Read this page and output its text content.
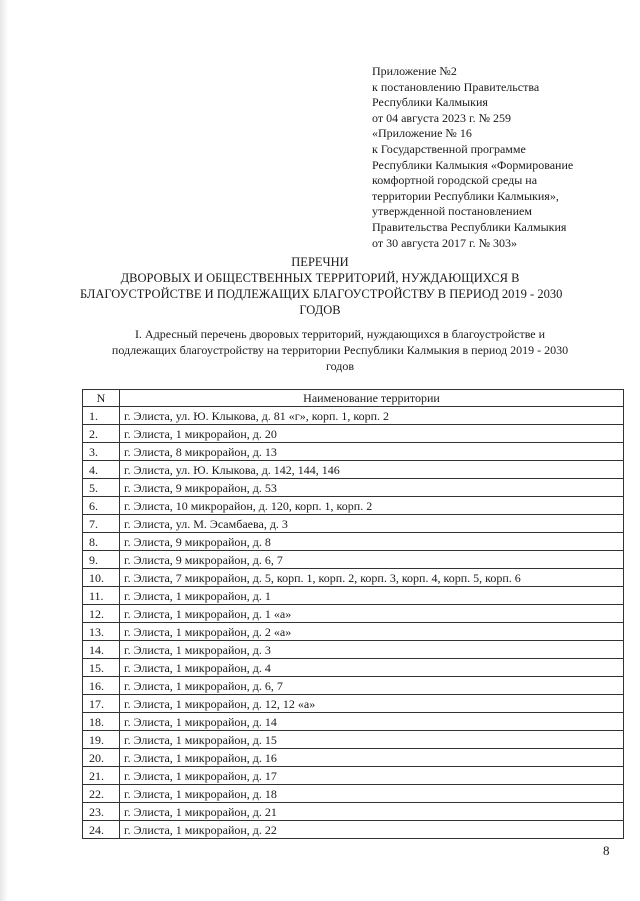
Приложение №2
к постановлению Правительства
Республики Калмыкия
от 04 августа 2023 г. № 259
«Приложение № 16
к Государственной программе
Республики Калмыкия «Формирование
комфортной городской среды на
территории Республики Калмыкия»,
утвержденной постановлением
Правительства Республики Калмыкия
от 30 августа 2017 г. № 303»
ПЕРЕЧНИ
ДВОРОВЫХ И ОБЩЕСТВЕННЫХ ТЕРРИТОРИЙ, НУЖДАЮЩИХСЯ В
БЛАГОУСТРОЙСТВЕ И ПОДЛЕЖАЩИХ БЛАГОУСТРОЙСТВУ В ПЕРИОД 2019 - 2030
ГОДОВ
I. Адресный перечень дворовых территорий, нуждающихся в благоустройстве и
подлежащих благоустройству на территории Республики Калмыкия в период 2019 - 2030
годов
N	Наименование территории
1.	г. Элиста, ул. Ю. Клыкова, д. 81 «г», корп. 1, корп. 2
2.	г. Элиста, 1 микрорайон, д. 20
3.	г. Элиста, 8 микрорайон, д. 13
4.	г. Элиста, ул. Ю. Клыкова, д. 142, 144, 146
5.	г. Элиста, 9 микрорайон, д. 53
6.	г. Элиста, 10 микрорайон, д. 120, корп. 1, корп. 2
7.	г. Элиста, ул. М. Эсамбаева, д. 3
8.	г. Элиста, 9 микрорайон, д. 8
9.	г. Элиста, 9 микрорайон, д. 6, 7
10.	г. Элиста, 7 микрорайон, д. 5, корп. 1, корп. 2, корп. 3, корп. 4, корп. 5, корп. 6
11.	г. Элиста, 1 микрорайон, д. 1
12.	г. Элиста, 1 микрорайон, д. 1 «а»
13.	г. Элиста, 1 микрорайон, д. 2 «а»
14.	г. Элиста, 1 микрорайон, д. 3
15.	г. Элиста, 1 микрорайон, д. 4
16.	г. Элиста, 1 микрорайон, д. 6, 7
17.	г. Элиста, 1 микрорайон, д. 12, 12 «а»
18.	г. Элиста, 1 микрорайон, д. 14
19.	г. Элиста, 1 микрорайон, д. 15
20.	г. Элиста, 1 микрорайон, д. 16
21.	г. Элиста, 1 микрорайон, д. 17
22.	г. Элиста, 1 микрорайон, д. 18
23.	г. Элиста, 1 микрорайон, д. 21
24.	г. Элиста, 1 микрорайон, д. 22
8
